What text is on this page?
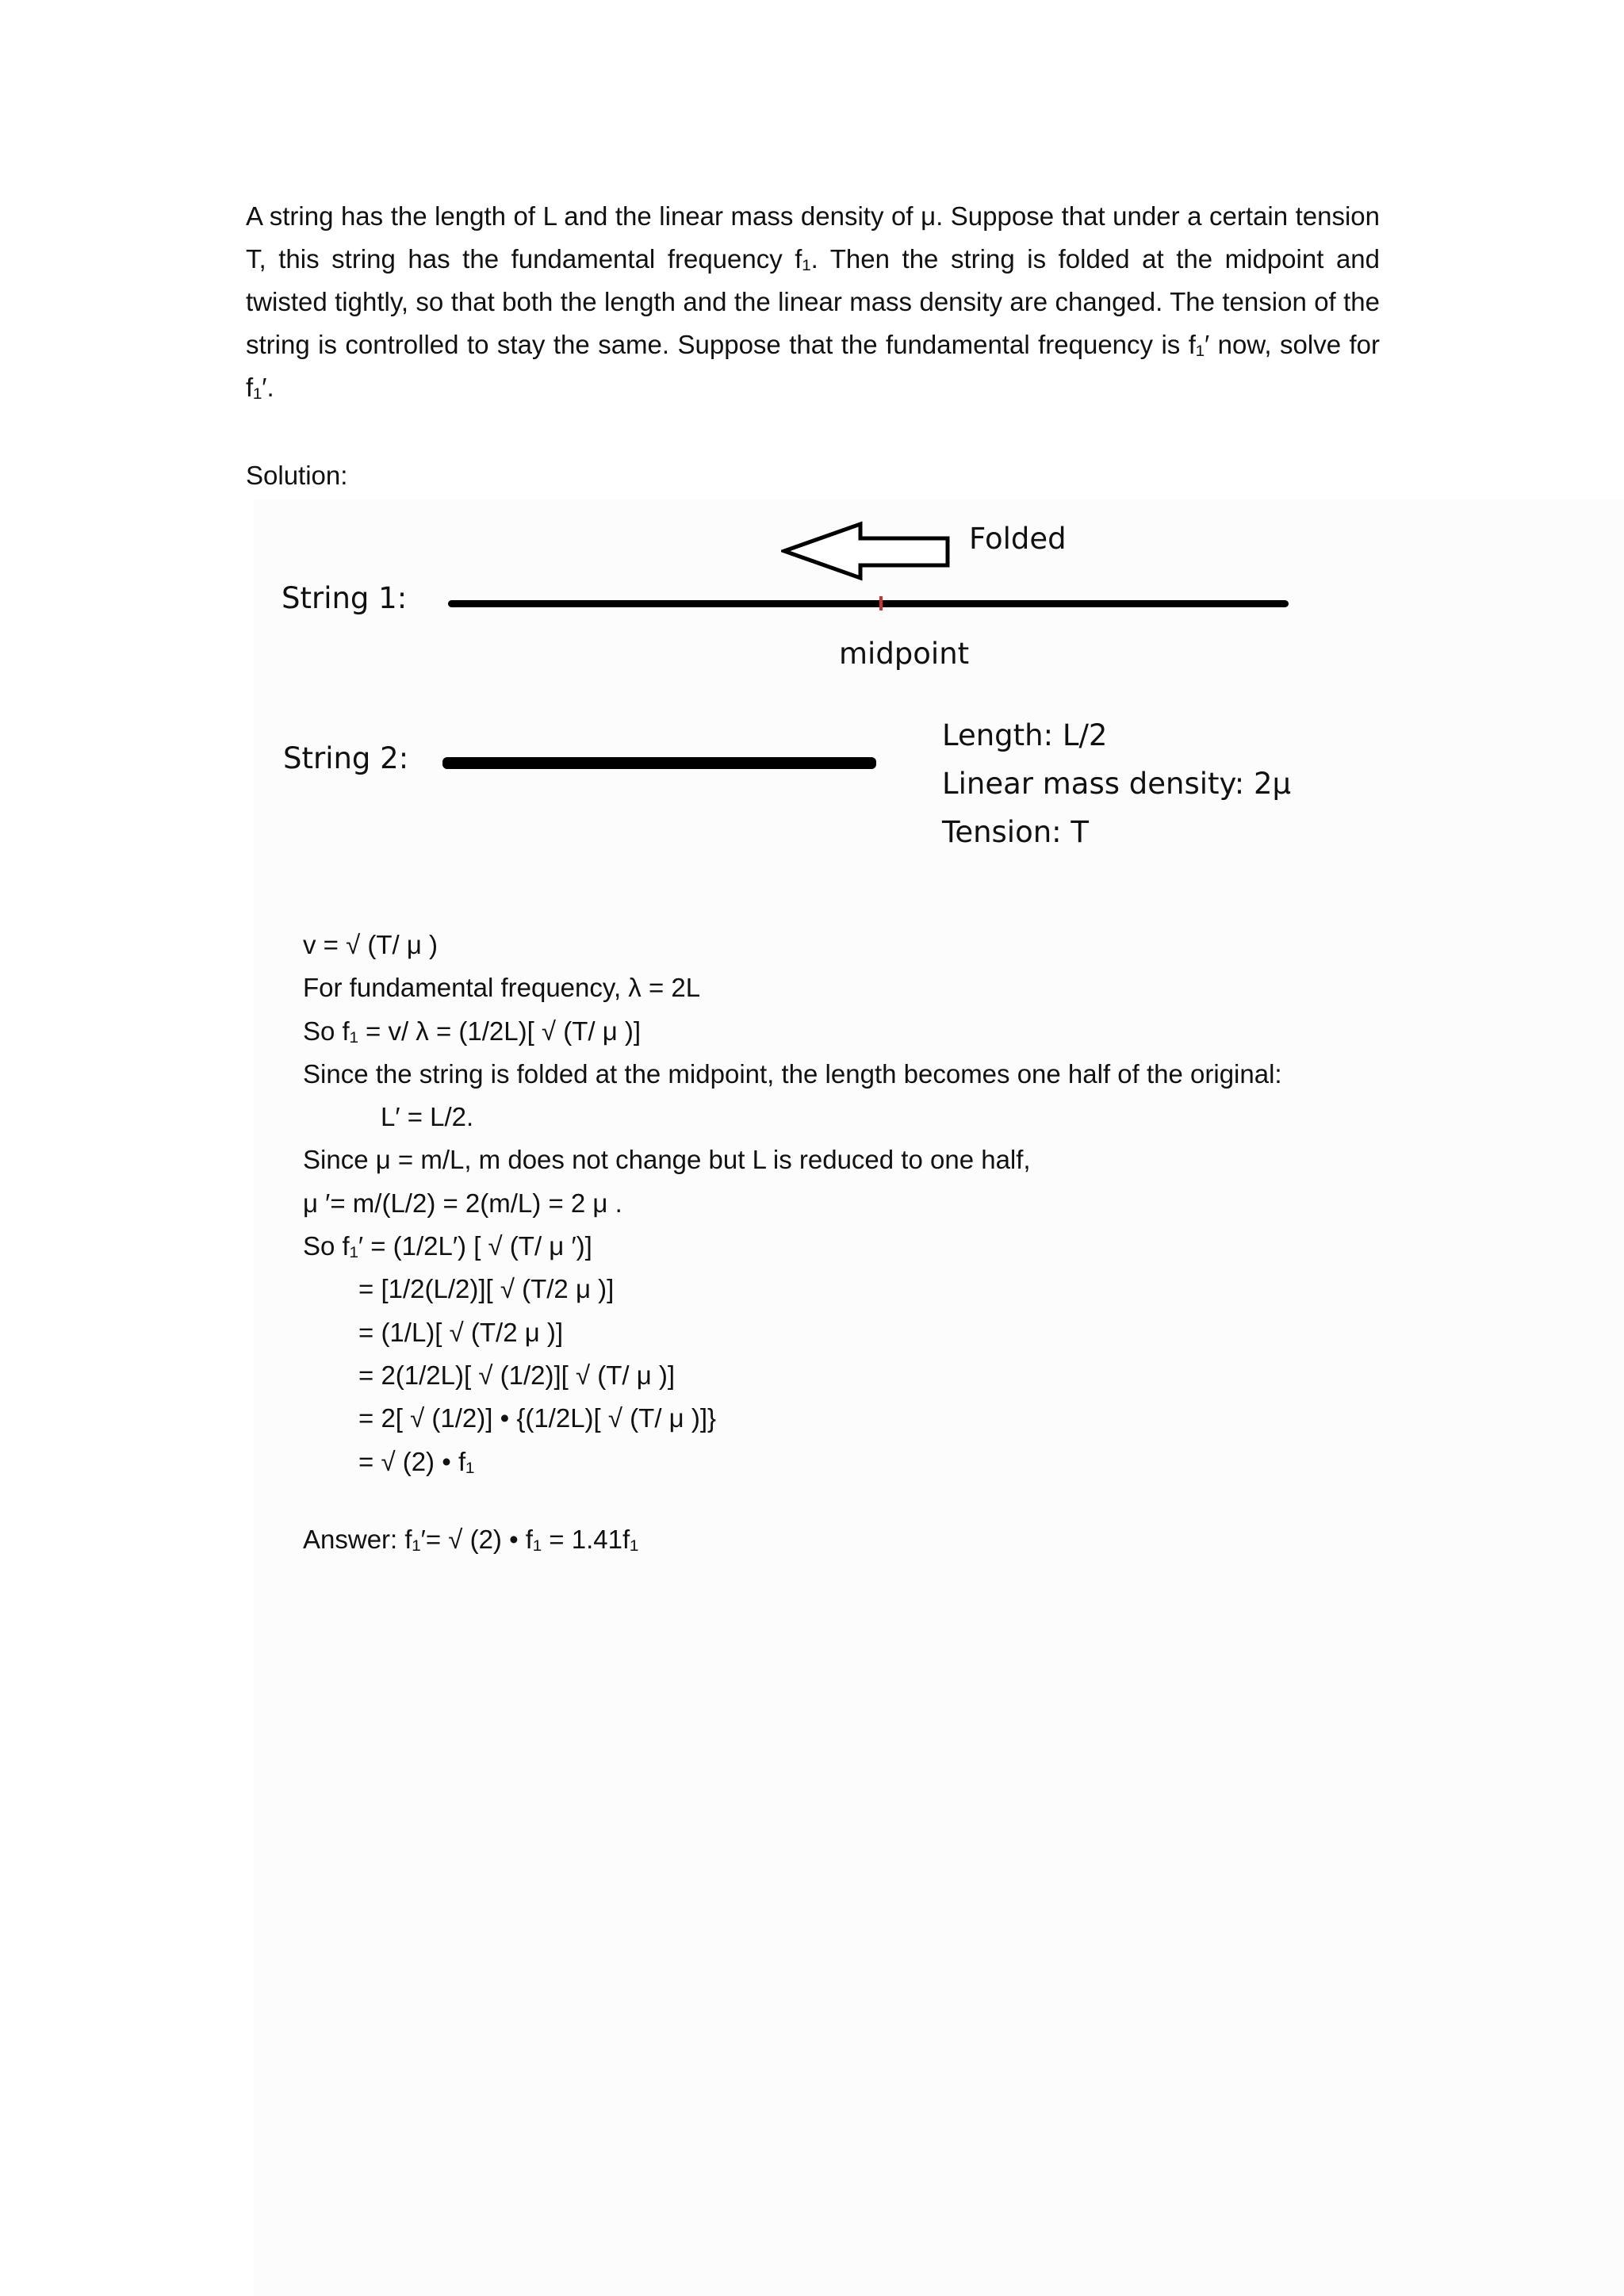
A string has the length of L and the linear mass density of μ. Suppose that under a certain tension T, this string has the fundamental frequency f₁. Then the string is folded at the midpoint and twisted tightly, so that both the length and the linear mass density are changed. The tension of the string is controlled to stay the same. Suppose that the fundamental frequency is f₁′ now, solve for f₁′.

Solution:
Folded
String 1:
midpoint
String 2:
Length: L/2
Linear mass density: 2μ
Tension: T
v = √ (T/ μ )
For fundamental frequency, λ = 2L
So f₁ = v/ λ = (1/2L)[ √ (T/ μ )]
Since the string is folded at the midpoint, the length becomes one half of the original:
L′ = L/2.
Since μ = m/L, m does not change but L is reduced to one half,
μ ′= m/(L/2) = 2(m/L) = 2 μ .
So f₁′ = (1/2L′) [ √ (T/ μ ′)]
= [1/2(L/2)][ √ (T/2 μ )]
= (1/L)[ √ (T/2 μ )]
= 2(1/2L)[ √ (1/2)][ √ (T/ μ )]
= 2[ √ (1/2)] • {(1/2L)[ √ (T/ μ )]}
= √ (2) • f₁
Answer: f₁′= √ (2) • f₁ = 1.41f₁
